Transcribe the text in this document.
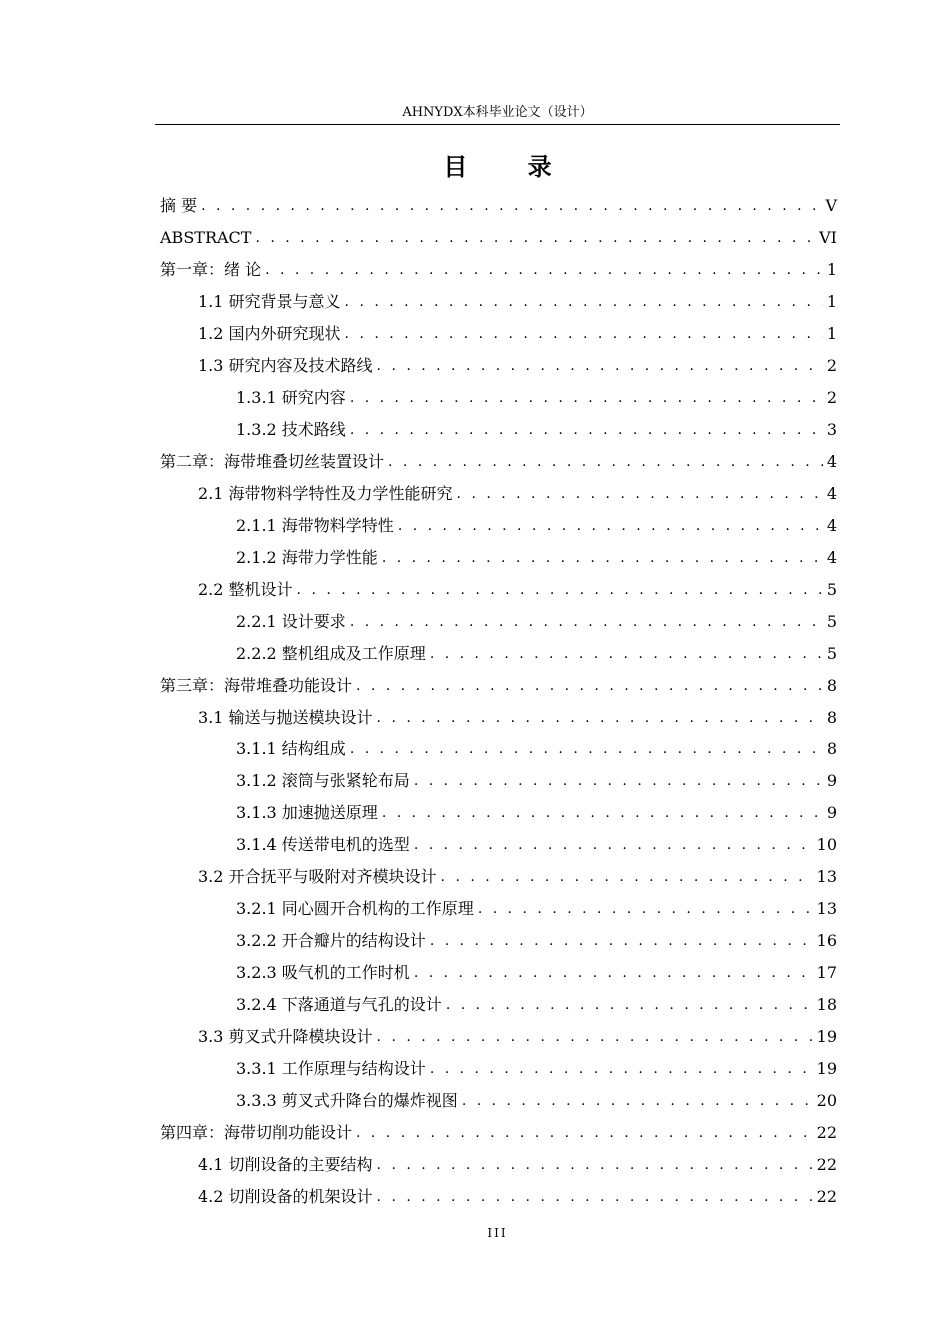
AHNYDX本科毕业论文（设计）
目 录
摘 要 . . .	V
ABSTRACT . . .	VI
第一章：绪 论 . . .	1
1.1 研究背景与意义 . . .	1
1.2 国内外研究现状 . . .	1
1.3 研究内容及技术路线 . . .	2
1.3.1 研究内容 . . .	2
1.3.2 技术路线 . . .	3
第二章：海带堆叠切丝装置设计 . . .	4
2.1 海带物料学特性及力学性能研究 . . .	4
2.1.1 海带物料学特性 . . .	4
2.1.2 海带力学性能 . . .	4
2.2 整机设计 . . .	5
2.2.1 设计要求 . . .	5
2.2.2 整机组成及工作原理 . . .	5
第三章：海带堆叠功能设计 . . .	8
3.1 输送与抛送模块设计 . . .	8
3.1.1 结构组成 . . .	8
3.1.2 滚筒与张紧轮布局 . . .	9
3.1.3 加速抛送原理 . . .	9
3.1.4 传送带电机的选型 . . .	10
3.2 开合抚平与吸附对齐模块设计 . . .	13
3.2.1 同心圆开合机构的工作原理 . . .	13
3.2.2 开合瓣片的结构设计 . . .	16
3.2.3 吸气机的工作时机 . . .	17
3.2.4 下落通道与气孔的设计 . . .	18
3.3 剪叉式升降模块设计 . . .	19
3.3.1 工作原理与结构设计 . . .	19
3.3.3 剪叉式升降台的爆炸视图 . . .	20
第四章：海带切削功能设计 . . .	22
4.1 切削设备的主要结构 . . .	22
4.2 切削设备的机架设计 . . .	22
III
